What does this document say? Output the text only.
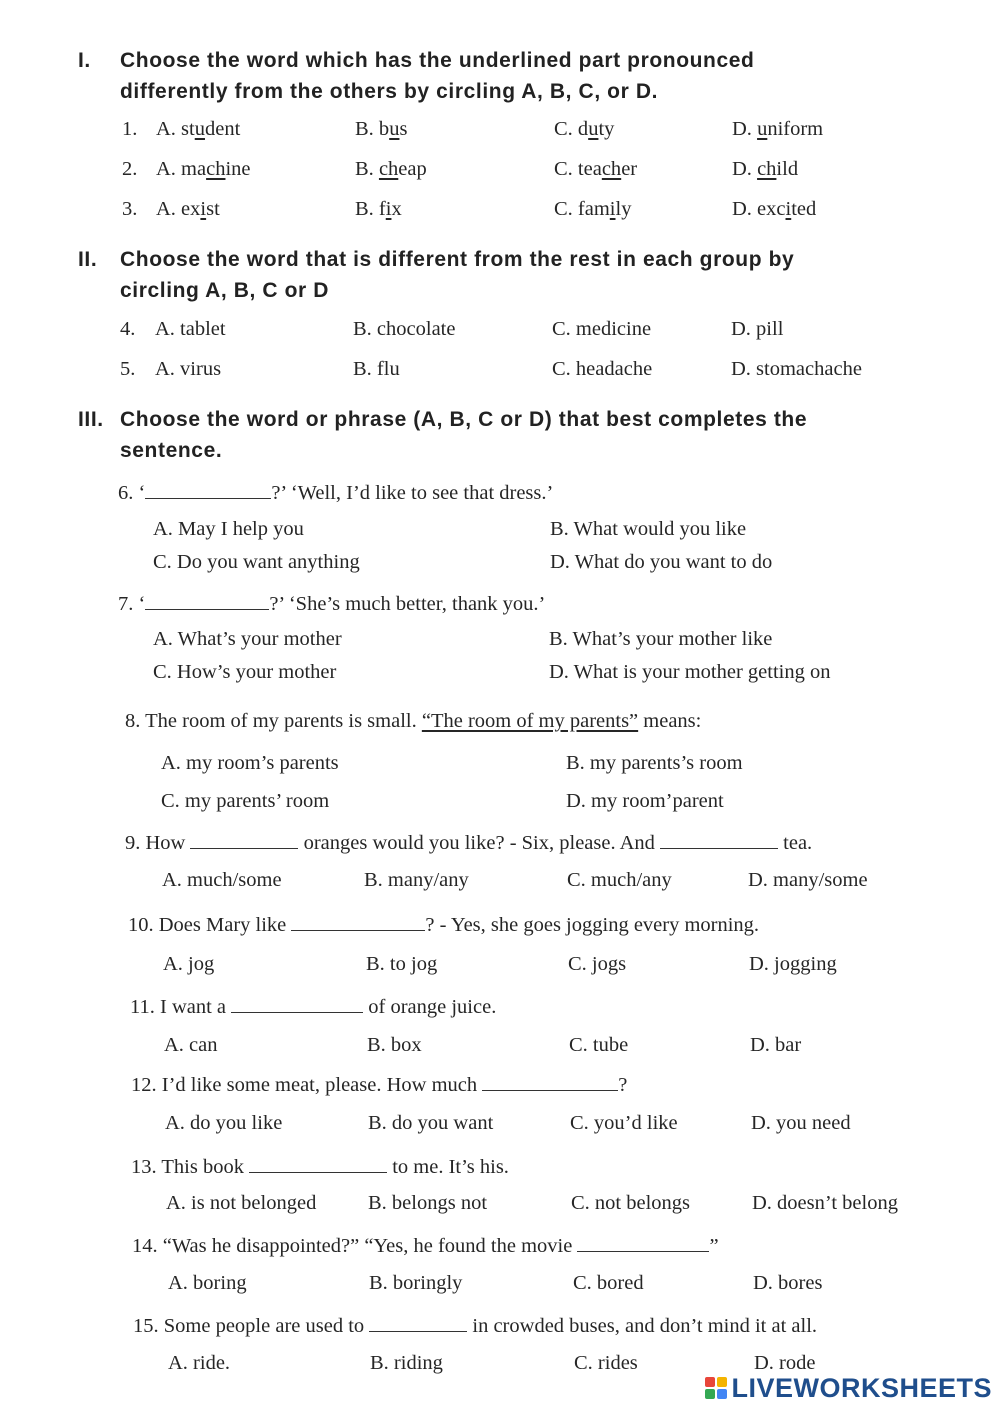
I. Choose the word which has the underlined part pronounced
differently from the others by circling A, B, C, or D.
1. A. student	B. bus	C. duty	D. uniform
2. A. machine	B. cheap	C. teacher	D. child
3. A. exist	B. fix	C. family	D. excited
II. Choose the word that is different from the rest in each group by
circling A, B, C or D
4. A. tablet	B. chocolate	C. medicine	D. pill
5. A. virus	B. flu	C. headache	D. stomachache
III. Choose the word or phrase (A, B, C or D) that best completes the
sentence.
6. ‘	?’ ‘Well, I’d like to see that dress.’
A. May I help you	B. What would you like
C. Do you want anything	D. What do you want to do
7. ‘	?’ ‘She’s much better, thank you.’
A. What’s your mother	B. What’s your mother like
C. How’s your mother	D. What is your mother getting on
8. The room of my parents is small. “The room of my parents” means:
A. my room’s parents	B. my parents’s room
C. my parents’ room	D. my room’parent
9. How	oranges would you like? - Six, please. And	tea.
A. much/some	B. many/any	C. much/any	D. many/some
10. Does Mary like	? - Yes, she goes jogging every morning.
A. jog	B. to jog	C. jogs	D. jogging
11. I want a	of orange juice.
A. can	B. box	C. tube	D. bar
12. I’d like some meat, please. How much	?
A. do you like	B. do you want	C. you’d like	D. you need
13. This book	to me. It’s his.
A. is not belonged	B. belongs not	C. not belongs	D. doesn’t belong
14. “Was he disappointed?” “Yes, he found the movie	”
A. boring	B. boringly	C. bored	D. bores
15. Some people are used to	in crowded buses, and don’t mind it at all.
A. ride.	B. riding	C. rides	D. rode
LIVEWORKSHEETS
